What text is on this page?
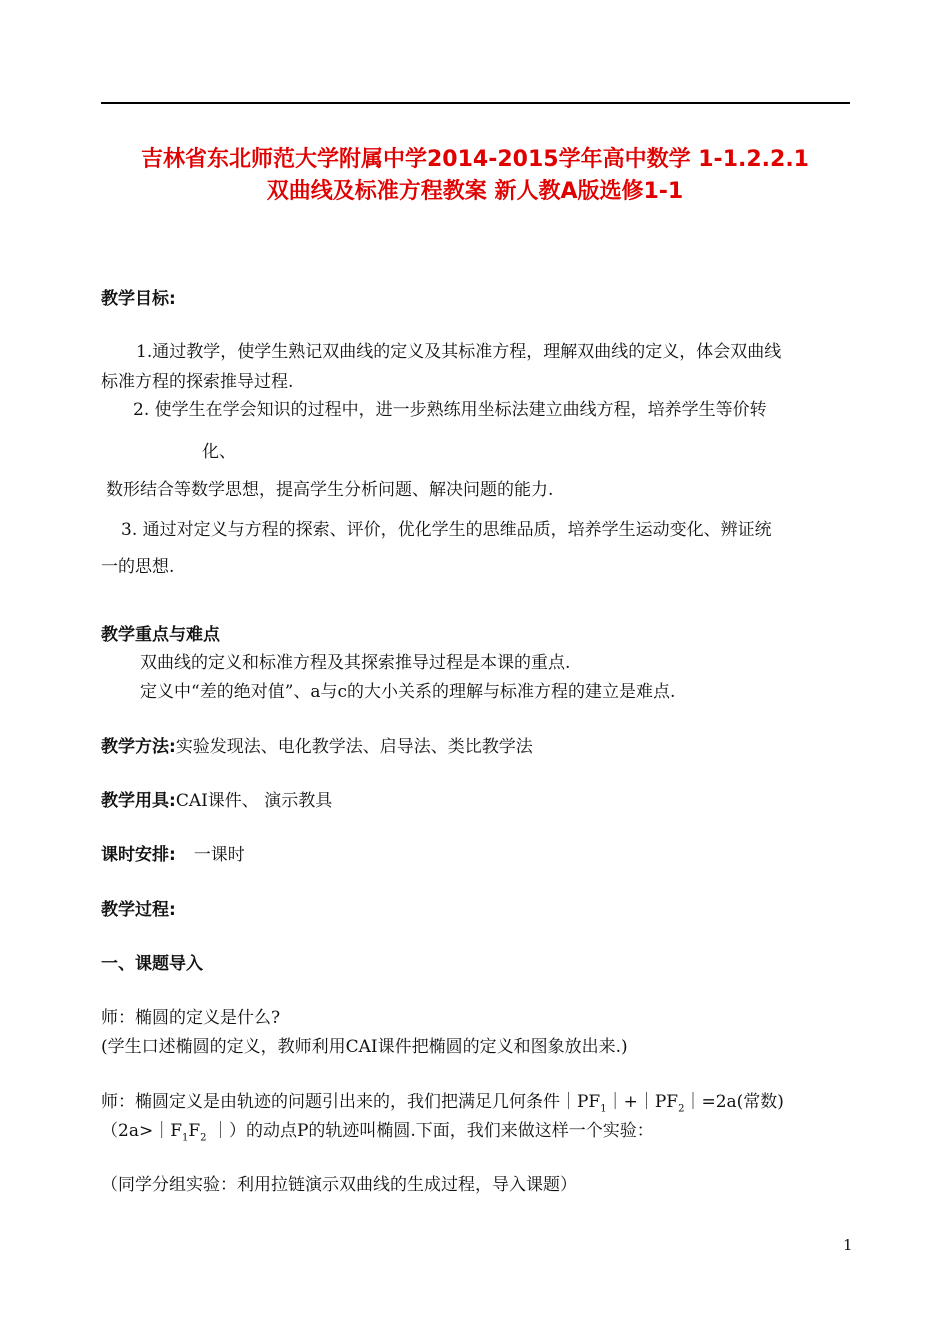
吉林省东北师范大学附属中学2014-2015学年高中数学 1-1.2.2.1
双曲线及标准方程教案 新人教A版选修1-1
教学目标:
1.通过教学，使学生熟记双曲线的定义及其标准方程，理解双曲线的定义，体会双曲线
标准方程的探索推导过程.
2. 使学生在学会知识的过程中，进一步熟练用坐标法建立曲线方程，培养学生等价转
化、
数形结合等数学思想，提高学生分析问题、解决问题的能力.
3. 通过对定义与方程的探索、评价，优化学生的思维品质，培养学生运动变化、辨证统
一的思想.
教学重点与难点
双曲线的定义和标准方程及其探索推导过程是本课的重点.
定义中“差的绝对值”、a与c的大小关系的理解与标准方程的建立是难点.
教学方法:实验发现法、电化教学法、启导法、类比教学法
教学用具:CAI课件、 演示教具
课时安排: 一课时
教学过程:
一、课题导入
师：椭圆的定义是什么?
(学生口述椭圆的定义，教师利用CAI课件把椭圆的定义和图象放出来.)
师：椭圆定义是由轨迹的问题引出来的，我们把满足几何条件$|PF_1|+|PF_2|=2a$(常数)
（$2a>|F_1F_2$ ｜）的动点P的轨迹叫椭圆.下面，我们来做这样一个实验：
（同学分组实验：利用拉链演示双曲线的生成过程，导入课题）
1
